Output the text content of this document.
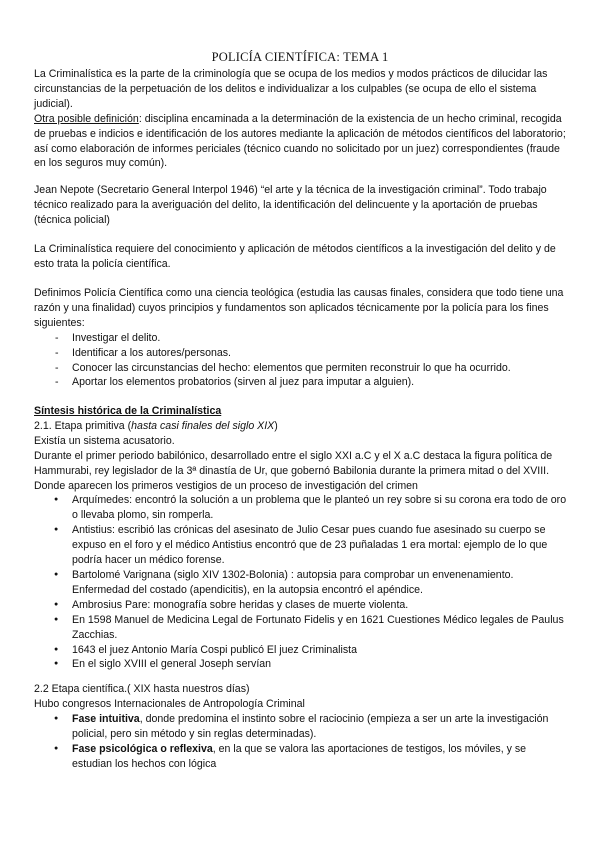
POLICÍA CIENTÍFICA: TEMA 1

La Criminalística es la parte de la criminología que se ocupa de los medios y modos prácticos de dilucidar las circunstancias de la perpetuación de los delitos e individualizar a los culpables (se ocupa de ello el sistema judicial).

Otra posible definición: disciplina encaminada a la determinación de la existencia de un hecho criminal, recogida de pruebas e indicios e identificación de los autores mediante la aplicación de métodos científicos del laboratorio; así como elaboración de informes periciales (técnico cuando no solicitado por un juez) correspondientes (fraude en los seguros muy común).

Jean Nepote (Secretario General Interpol 1946) “el arte y la técnica de la investigación criminal”. Todo trabajo técnico realizado para la averiguación del delito, la identificación del delincuente y la aportación de pruebas (técnica policial)

La Criminalística requiere del conocimiento y aplicación de métodos científicos a la investigación del delito y de esto trata la policía científica.

Definimos Policía Científica como una ciencia teológica (estudia las causas finales, considera que todo tiene una razón y una finalidad) cuyos principios y fundamentos son aplicados técnicamente por la policía para los fines siguientes:

- Investigar el delito.
- Identificar a los autores/personas.
- Conocer las circunstancias del hecho: elementos que permiten reconstruir lo que ha ocurrido.
- Aportar los elementos probatorios (sirven al juez para imputar a alguien).

Síntesis histórica de la Criminalística

2.1. Etapa primitiva (hasta casi finales del siglo XIX)

Existía un sistema acusatorio.

Durante el primer periodo babilónico, desarrollado entre el siglo XXI a.C y el X a.C destaca la figura política de Hammurabi, rey legislador de la 3ª dinastía de Ur, que gobernó Babilonia durante la primera mitad o del XVIII. Donde aparecen los primeros vestigios de un proceso de investigación del crimen

● Arquímedes: encontró la solución a un problema que le planteó un rey sobre si su corona era todo de oro o llevaba plomo, sin romperla.
● Antistius: escribió las crónicas del asesinato de Julio Cesar pues cuando fue asesinado su cuerpo se expuso en el foro y el médico Antistius encontró que de 23 puñaladas 1 era mortal: ejemplo de lo que podría hacer un médico forense.
● Bartolomé Varignana (siglo XIV 1302-Bolonia) : autopsia para comprobar un envenenamiento. Enfermedad del costado (apendicitis), en la autopsia encontró el apéndice.
● Ambrosius Pare: monografía sobre heridas y clases de muerte violenta.
● En 1598 Manuel de Medicina Legal de Fortunato Fidelis y en 1621 Cuestiones Médico legales de Paulus Zacchias.
● 1643 el juez Antonio María Cospi publicó El juez Criminalista
● En el siglo XVIII el general Joseph servían

2.2 Etapa científica.( XIX hasta nuestros días)

Hubo congresos Internacionales de Antropología Criminal

● Fase intuitiva, donde predomina el instinto sobre el raciocinio (empieza a ser un arte la investigación policial, pero sin método y sin reglas determinadas).
● Fase psicológica o reflexiva, en la que se valora las aportaciones de testigos, los móviles, y se estudian los hechos con lógica
